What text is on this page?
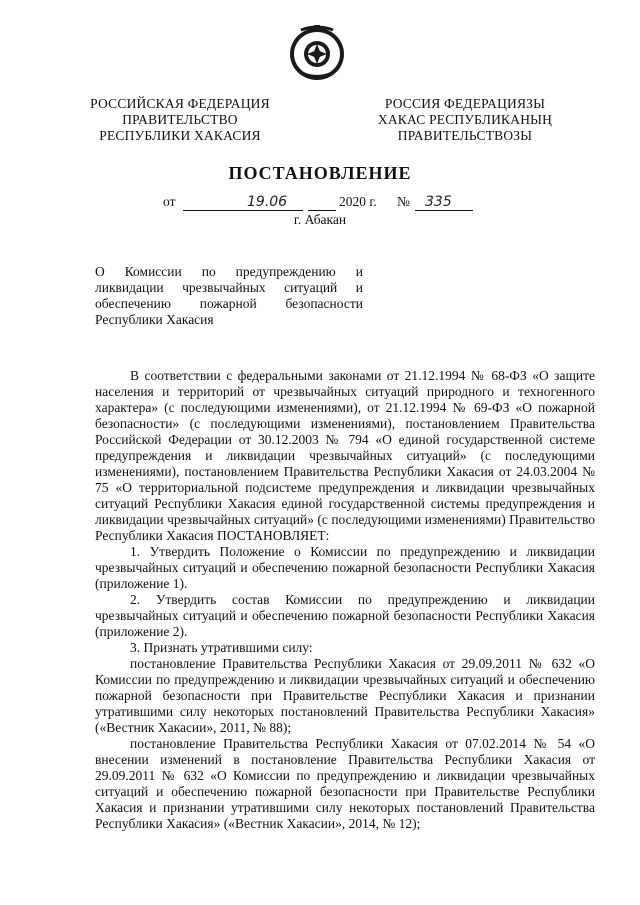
РОССИЙСКАЯ ФЕДЕРАЦИЯ
ПРАВИТЕЛЬСТВО
РЕСПУБЛИКИ ХАКАСИЯ
РОССИЯ ФЕДЕРАЦИЯЗЫ
ХАКАС РЕСПУБЛИКАНЫҢ
ПРАВИТЕЛЬСТВОЗЫ
ПОСТАНОВЛЕНИЕ
от	19.06	2020 г. № 335
г. Абакан
О Комиссии по предупреждению и
ликвидации чрезвычайных ситуаций и
обеспечению пожарной безопасности
Республики Хакасия

В соответствии с федеральными законами от 21.12.1994 № 68-ФЗ «О защите населения и территорий от чрезвычайных ситуаций природного и техногенного характера» (с последующими изменениями), от 21.12.1994 № 69-ФЗ «О пожарной безопасности» (с последующими изменениями), постановлением Правительства Российской Федерации от 30.12.2003 № 794 «О единой государственной системе предупреждения и ликвидации чрезвычайных ситуаций» (с последующими изменениями), постановлением Правительства Республики Хакасия от 24.03.2004 № 75 «О территориальной подсистеме предупреждения и ликвидации чрезвычайных ситуаций Республики Хакасия единой государственной системы предупреждения и ликвидации чрезвычайных ситуаций» (с последующими изменениями) Правительство Республики Хакасия ПОСТАНОВЛЯЕТ:

1. Утвердить Положение о Комиссии по предупреждению и ликвидации чрезвычайных ситуаций и обеспечению пожарной безопасности Республики Хакасия (приложение 1).

2. Утвердить состав Комиссии по предупреждению и ликвидации чрезвычайных ситуаций и обеспечению пожарной безопасности Республики Хакасия (приложение 2).

3. Признать утратившими силу:

постановление Правительства Республики Хакасия от 29.09.2011 № 632 «О Комиссии по предупреждению и ликвидации чрезвычайных ситуаций и обеспечению пожарной безопасности при Правительстве Республики Хакасия и признании утратившими силу некоторых постановлений Правительства Республики Хакасия» («Вестник Хакасии», 2011, № 88);

постановление Правительства Республики Хакасия от 07.02.2014 № 54 «О внесении изменений в постановление Правительства Республики Хакасия от 29.09.2011 № 632 «О Комиссии по предупреждению и ликвидации чрезвычайных ситуаций и обеспечению пожарной безопасности при Правительстве Республики Хакасия и признании утратившими силу некоторых постановлений Правительства Республики Хакасия» («Вестник Хакасии», 2014, № 12);
